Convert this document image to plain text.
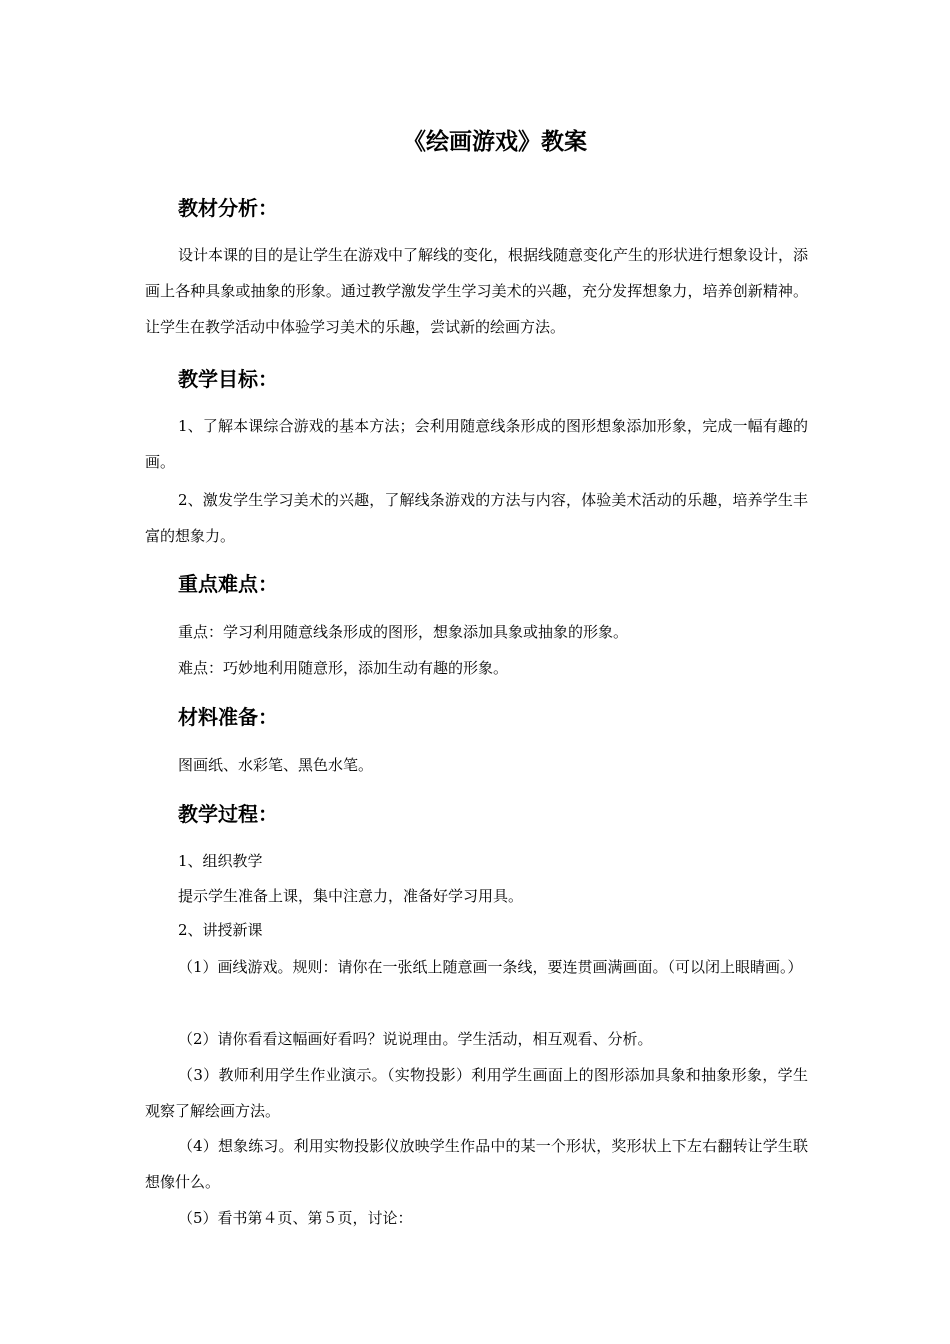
《绘画游戏》教案
教材分析：
设计本课的目的是让学生在游戏中了解线的变化，根据线随意变化产生的形状进行想象设计，添画上各种具象或抽象的形象。通过教学激发学生学习美术的兴趣，充分发挥想象力，培养创新精神。让学生在教学活动中体验学习美术的乐趣，尝试新的绘画方法。
教学目标：
1、了解本课综合游戏的基本方法；会利用随意线条形成的图形想象添加形象，完成一幅有趣的画。
2、激发学生学习美术的兴趣，了解线条游戏的方法与内容，体验美术活动的乐趣，培养学生丰富的想象力。
重点难点：
重点：学习利用随意线条形成的图形，想象添加具象或抽象的形象。
难点：巧妙地利用随意形，添加生动有趣的形象。
材料准备：
图画纸、水彩笔、黑色水笔。
教学过程：
1、组织教学
提示学生准备上课，集中注意力，准备好学习用具。
2、讲授新课
（1）画线游戏。规则：请你在一张纸上随意画一条线，要连贯画满画面。（可以闭上眼睛画。）
（2）请你看看这幅画好看吗？说说理由。学生活动，相互观看、分析。
（3）教师利用学生作业演示。（实物投影）利用学生画面上的图形添加具象和抽象形象，学生观察了解绘画方法。
（4）想象练习。利用实物投影仪放映学生作品中的某一个形状，奖形状上下左右翻转让学生联想像什么。
（5）看书第４页、第５页，讨论：
